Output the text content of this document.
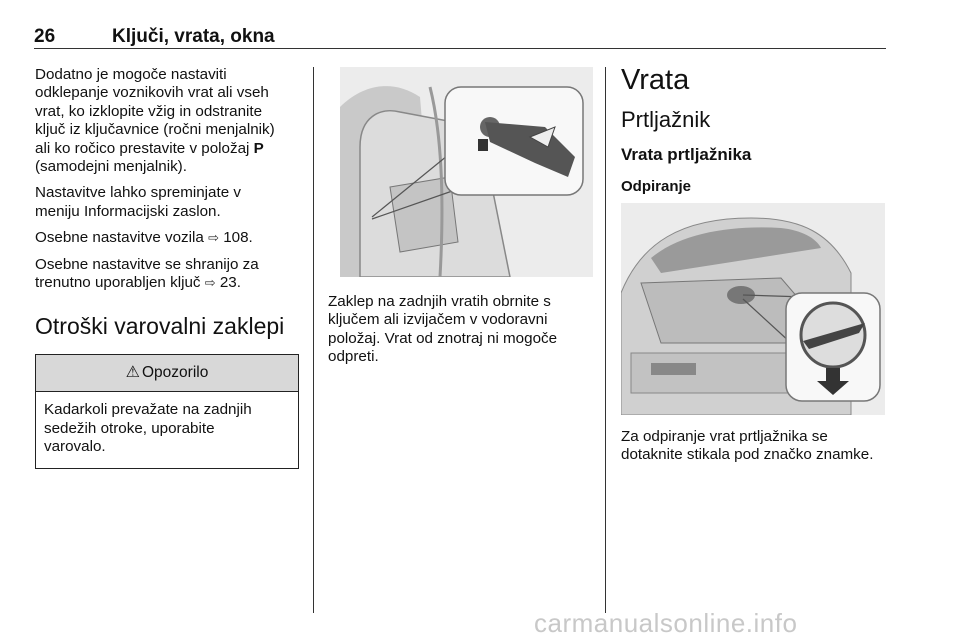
26	Ključi, vrata, okna

Dodatno je mogoče nastaviti
odklepanje voznikovih vrat ali vseh
vrat, ko izklopite vžig in odstranite
ključ iz ključavnice (ročni menjalnik)
ali ko ročico prestavite v položaj P
(samodejni menjalnik).

Nastavitve lahko spreminjate v
meniju Informacijski zaslon.

Osebne nastavitve vozila ⇨ 108.

Osebne nastavitve se shranijo za
trenutno uporabljen ključ ⇨ 23.

Otroški varovalni zaklepi
⚠ Opozorilo
Kadarkoli prevažate na zadnjih
sedežih otroke, uporabite
varovalo.
Zaklep na zadnjih vratih obrnite s
ključem ali izvijačem v vodoravni
položaj. Vrat od znotraj ni mogoče
odpreti.
Vrata
Prtljažnik
Vrata prtljažnika
Odpiranje
Za odpiranje vrat prtljažnika se
dotaknite stikala pod značko znamke.
carmanualsonline.info
